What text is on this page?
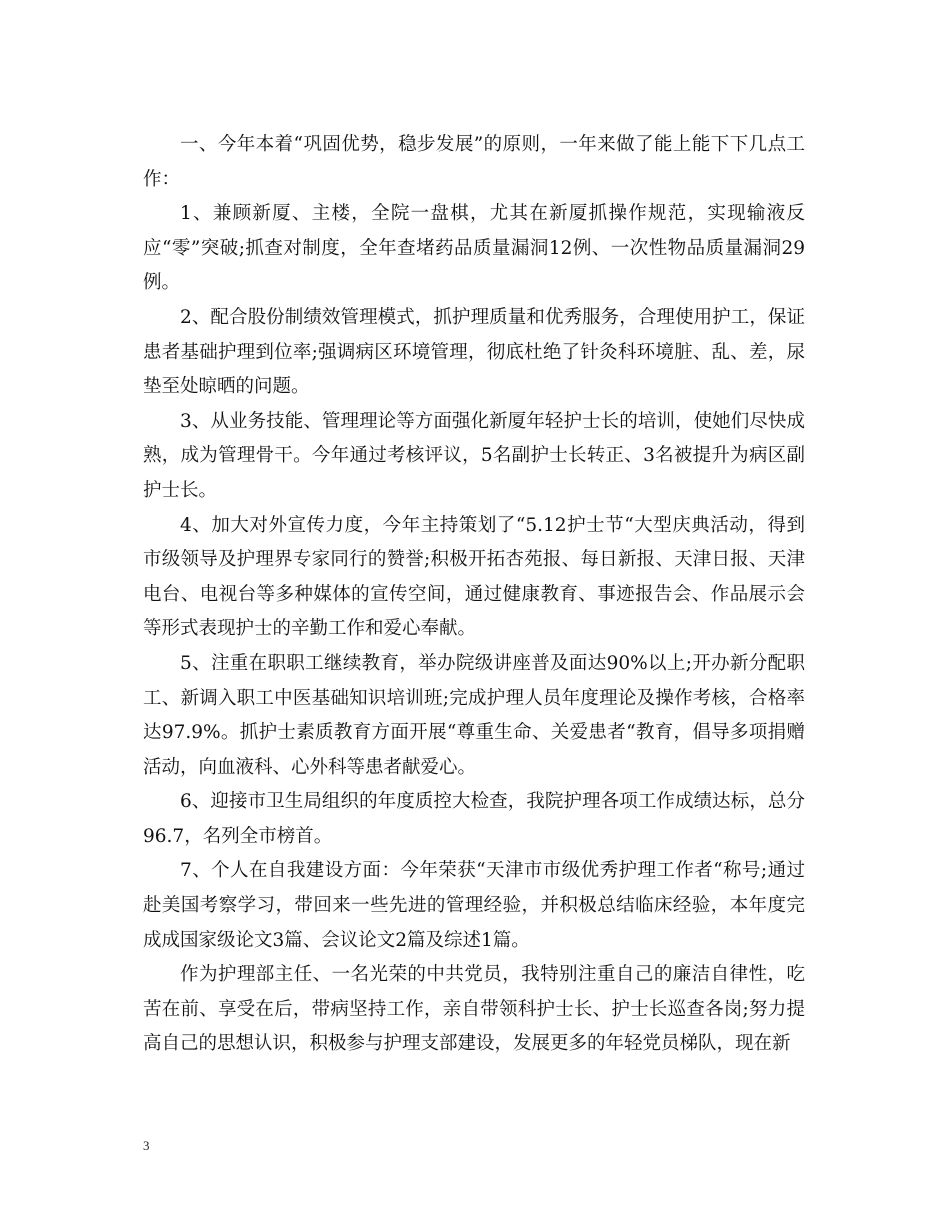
一、今年本着“巩固优势，稳步发展”的原则，一年来做了能上能下下几点工作：

1、兼顾新厦、主楼，全院一盘棋，尤其在新厦抓操作规范，实现输液反应“零”突破;抓查对制度，全年查堵药品质量漏洞12例、一次性物品质量漏洞29例。

2、配合股份制绩效管理模式，抓护理质量和优秀服务，合理使用护工，保证患者基础护理到位率;强调病区环境管理，彻底杜绝了针灸科环境脏、乱、差，尿垫至处晾晒的问题。

3、从业务技能、管理理论等方面强化新厦年轻护士长的培训，使她们尽快成熟，成为管理骨干。今年通过考核评议，5名副护士长转正、3名被提升为病区副护士长。

4、加大对外宣传力度，今年主持策划了“5.12护士节“大型庆典活动，得到市级领导及护理界专家同行的赞誉;积极开拓杏苑报、每日新报、天津日报、天津电台、电视台等多种媒体的宣传空间，通过健康教育、事迹报告会、作品展示会等形式表现护士的辛勤工作和爱心奉献。

5、注重在职职工继续教育，举办院级讲座普及面达90%以上;开办新分配职工、新调入职工中医基础知识培训班;完成护理人员年度理论及操作考核，合格率达97.9%。抓护士素质教育方面开展“尊重生命、关爱患者“教育，倡导多项捐赠活动，向血液科、心外科等患者献爱心。

6、迎接市卫生局组织的年度质控大检查，我院护理各项工作成绩达标，总分96.7，名列全市榜首。

7、个人在自我建设方面：今年荣获“天津市市级优秀护理工作者“称号;通过赴美国考察学习，带回来一些先进的管理经验，并积极总结临床经验，本年度完成成国家级论文3篇、会议论文2篇及综述1篇。

作为护理部主任、一名光荣的中共党员，我特别注重自己的廉洁自律性，吃苦在前、享受在后，带病坚持工作，亲自带领科护士长、护士长巡查各岗;努力提高自己的思想认识，积极参与护理支部建设，发展更多的年轻党员梯队，现在新

3
